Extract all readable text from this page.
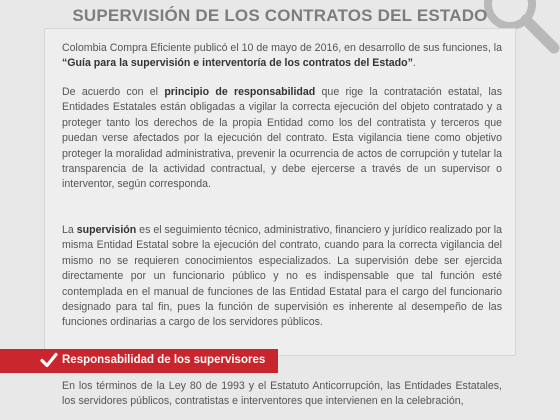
SUPERVISIÓN DE LOS CONTRATOS DEL ESTADO

Colombia Compra Eficiente publicó el 10 de mayo de 2016, en desarrollo de sus funciones, la “Guía para la supervisión e interventoría de los contratos del Estado”.

De acuerdo con el principio de responsabilidad que rige la contratación estatal, las Entidades Estatales están obligadas a vigilar la correcta ejecución del objeto contratado y a proteger tanto los derechos de la propia Entidad como los del contratista y terceros que puedan verse afectados por la ejecución del contrato. Esta vigilancia tiene como objetivo proteger la moralidad administrativa, prevenir la ocurrencia de actos de corrupción y tutelar la transparencia de la actividad contractual, y debe ejercerse a través de un supervisor o interventor, según corresponda.

La supervisión es el seguimiento técnico, administrativo, financiero y jurídico realizado por la misma Entidad Estatal sobre la ejecución del contrato, cuando para la correcta vigilancia del mismo no se requieren conocimientos especializados. La supervisión debe ser ejercida directamente por un funcionario público y no es indispensable que tal función esté contemplada en el manual de funciones de las Entidad Estatal para el cargo del funcionario designado para tal fin, pues la función de supervisión es inherente al desempeño de las funciones ordinarias a cargo de los servidores públicos.

Responsabilidad de los supervisores

En los términos de la Ley 80 de 1993 y el Estatuto Anticorrupción, las Entidades Estatales, los servidores públicos, contratistas e interventores que intervienen en la celebración,
